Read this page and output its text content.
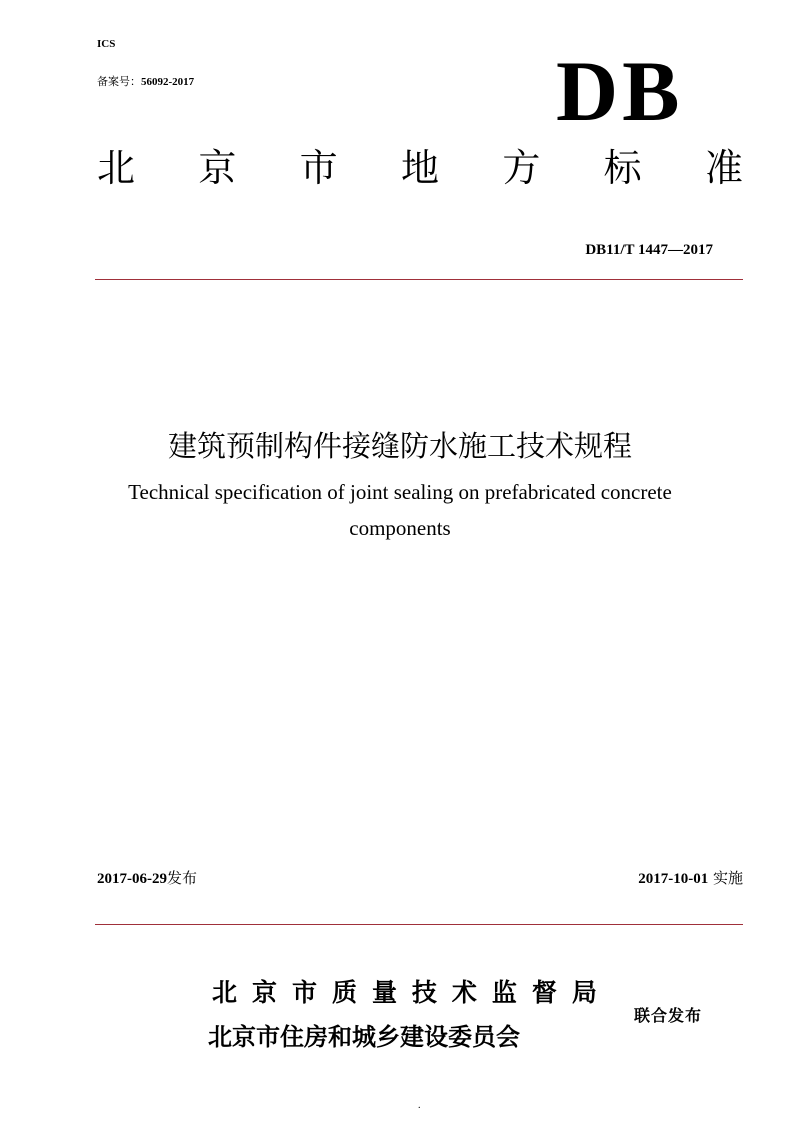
ICS
备案号：56092-2017	DB
北 京 市 地 方 标 准
DB11/T 1447—2017
建筑预制构件接缝防水施工技术规程
Technical specification of joint sealing on prefabricated concrete
components
2017-06-29发布	2017-10-01 实施
北 京 市 质 量 技 术 监 督 局
北京市住房和城乡建设委员会
联合发布
.
